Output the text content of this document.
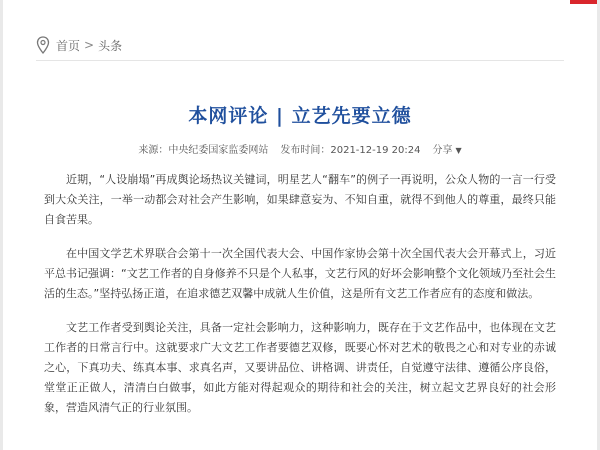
首页 > 头条
本网评论 | 立艺先要立德
来源：中央纪委国家监委网站 发布时间：2021-12-19 20:24 分享 ▼

近期，“人设崩塌”再成舆论场热议关键词，明星艺人“翻车”的例子一再说明，公众人物的一言一行受到大众关注，一举一动都会对社会产生影响，如果肆意妄为、不知自重，就得不到他人的尊重，最终只能自食苦果。

在中国文学艺术界联合会第十一次全国代表大会、中国作家协会第十次全国代表大会开幕式上，习近平总书记强调：“文艺工作者的自身修养不只是个人私事，文艺行风的好坏会影响整个文化领域乃至社会生活的生态。”坚持弘扬正道，在追求德艺双馨中成就人生价值，这是所有文艺工作者应有的态度和做法。

文艺工作者受到舆论关注，具备一定社会影响力，这种影响力，既存在于文艺作品中，也体现在文艺工作者的日常言行中。这就要求广大文艺工作者要德艺双修，既要心怀对艺术的敬畏之心和对专业的赤诚之心，下真功夫、练真本事、求真名声，又要讲品位、讲格调、讲责任，自觉遵守法律、遵循公序良俗，堂堂正正做人，清清白白做事，如此方能对得起观众的期待和社会的关注，树立起文艺界良好的社会形象，营造风清气正的行业氛围。
